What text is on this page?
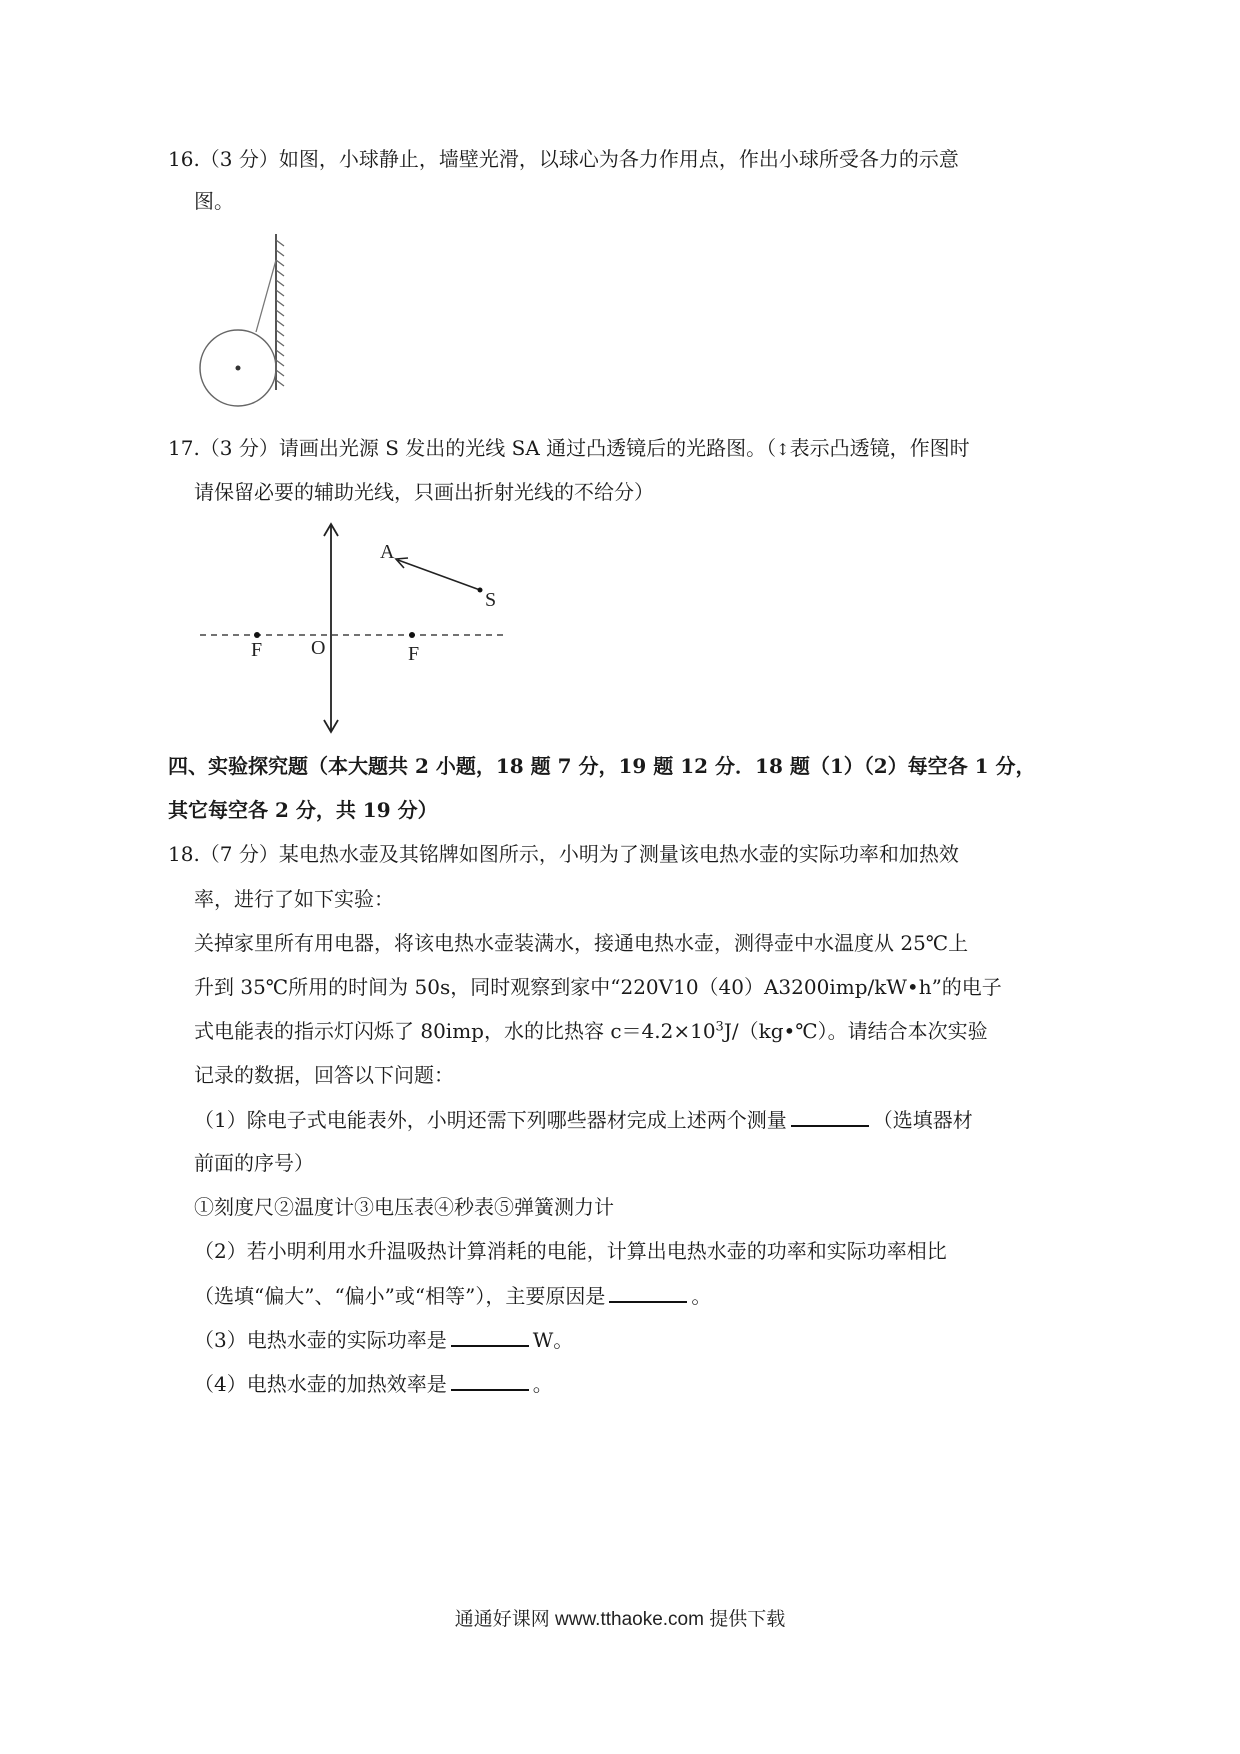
16.（3 分）如图，小球静止，墙壁光滑，以球心为各力作用点，作出小球所受各力的示意
图。
17.（3 分）请画出光源 S 发出的光线 SA 通过凸透镜后的光路图。（↕表示凸透镜，作图时
请保留必要的辅助光线，只画出折射光线的不给分）
A
S
F O	F
四、实验探究题（本大题共 2 小题，18 题 7 分，19 题 12 分．18 题（1）（2）每空各 1 分，
其它每空各 2 分，共 19 分）
18.（7 分）某电热水壶及其铭牌如图所示，小明为了测量该电热水壶的实际功率和加热效
率，进行了如下实验：
关掉家里所有用电器，将该电热水壶装满水，接通电热水壶，测得壶中水温度从 25℃上
升到 35℃所用的时间为 50s，同时观察到家中“220V10（40）A3200imp/kW•h”的电子
式电能表的指示灯闪烁了 80imp，水的比热容 $c=4.2\times 10^3J/(kg•℃)$。请结合本次实验
记录的数据，回答以下问题：
（1）除电子式电能表外，小明还需下列哪些器材完成上述两个测量	（选填器材
前面的序号）
①刻度尺②温度计③电压表④秒表⑤弹簧测力计
（2）若小明利用水升温吸热计算消耗的电能，计算出电热水壶的功率和实际功率相比
（选填“偏大”、“偏小”或“相等”），主要原因是	。
（3）电热水壶的实际功率是	W。
（4）电热水壶的加热效率是	。
通通好课网 www.tthaoke.com 提供下载
